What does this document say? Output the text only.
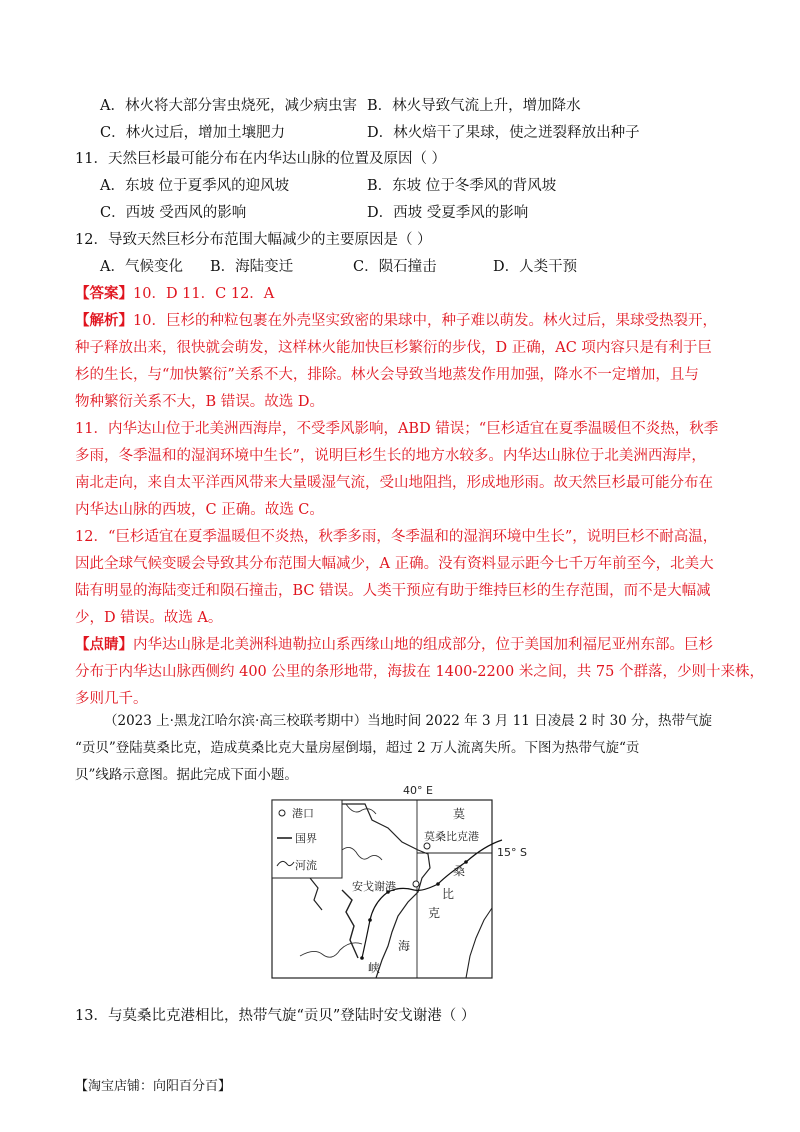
A．林火将大部分害虫烧死，减少病虫害 B．林火导致气流上升，增加降水
C．林火过后，增加土壤肥力	D．林火焙干了果球，使之迸裂释放出种子
11．天然巨杉最可能分布在内华达山脉的位置及原因（ ）
A．东坡 位于夏季风的迎风坡	B．东坡 位于冬季风的背风坡
C．西坡 受西风的影响	D．西坡 受夏季风的影响
12．导致天然巨杉分布范围大幅减少的主要原因是（ ）
A．气候变化 B．海陆变迁	C．陨石撞击	D．人类干预
【答案】10．D 11．C 12．A
【解析】10．巨杉的种粒包裹在外壳坚实致密的果球中，种子难以萌发。林火过后，果球受热裂开，
种子释放出来，很快就会萌发，这样林火能加快巨杉繁衍的步伐，D 正确，AC 项内容只是有利于巨
杉的生长，与“加快繁衍”关系不大，排除。林火会导致当地蒸发作用加强，降水不一定增加，且与
物种繁衍关系不大，B 错误。故选 D。
11．内华达山位于北美洲西海岸，不受季风影响，ABD 错误；“巨杉适宜在夏季温暖但不炎热，秋季
多雨，冬季温和的湿润环境中生长”，说明巨杉生长的地方水较多。内华达山脉位于北美洲西海岸，
南北走向，来自太平洋西风带来大量暖湿气流，受山地阻挡，形成地形雨。故天然巨杉最可能分布在
内华达山脉的西坡，C 正确。故选 C。
12．“巨杉适宜在夏季温暖但不炎热，秋季多雨，冬季温和的湿润环境中生长”，说明巨杉不耐高温，
因此全球气候变暖会导致其分布范围大幅减少，A 正确。没有资料显示距今七千万年前至今，北美大
陆有明显的海陆变迁和陨石撞击，BC 错误。人类干预应有助于维持巨杉的生存范围，而不是大幅减
少，D 错误。故选 A。
【点睛】内华达山脉是北美洲科迪勒拉山系西缘山地的组成部分，位于美国加利福尼亚州东部。巨杉
分布于内华达山脉西侧约 400 公里的条形地带，海拔在 1400-2200 米之间，共 75 个群落，少则十来株，
多则几千。
（2023 上·黑龙江哈尔滨·高三校联考期中）当地时间 2022 年 3 月 11 日凌晨 2 时 30 分，热带气旋
“贡贝”登陆莫桑比克，造成莫桑比克大量房屋倒塌，超过 2 万人流离失所。下图为热带气旋“贡
贝”线路示意图。据此完成下面小题。
40° E
15° S
港口
国界
河流
莫桑比克港
安戈谢港
莫
桑
比
克
海
峡
13．与莫桑比克港相比，热带气旋“贡贝”登陆时安戈谢港（ ）
【淘宝店铺：向阳百分百】
